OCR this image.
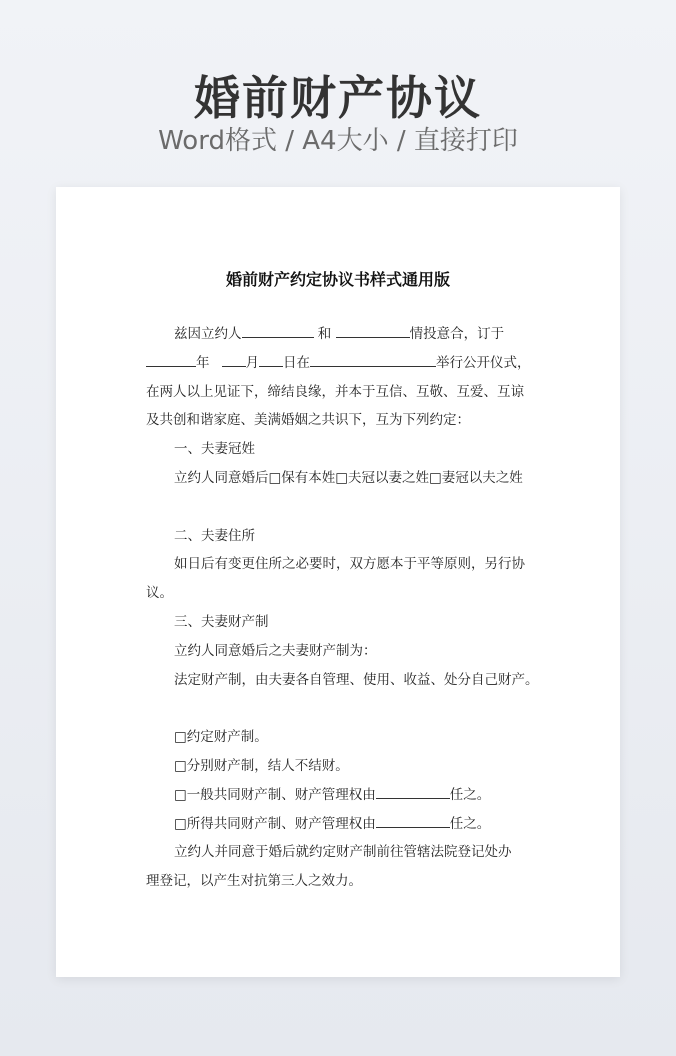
婚前财产协议
Word格式 / A4大小 / 直接打印
婚前财产约定协议书样式通用版
兹因立约人	和	情投意合，订于
年	月 日在	举行公开仪式，
在两人以上见证下，缔结良缘，并本于互信、互敬、互爱、互谅
及共创和谐家庭、美满婚姻之共识下，互为下列约定：
一、夫妻冠姓
立约人同意婚后□保有本姓□夫冠以妻之姓□妻冠以夫之姓
二、夫妻住所
如日后有变更住所之必要时，双方愿本于平等原则，另行协
议。
三、夫妻财产制
立约人同意婚后之夫妻财产制为：
法定财产制，由夫妻各自管理、使用、收益、处分自己财产。
□约定财产制。
□分别财产制，结人不结财。
□一般共同财产制、财产管理权由	任之。
□所得共同财产制、财产管理权由	任之。
立约人并同意于婚后就约定财产制前往管辖法院登记处办
理登记，以产生对抗第三人之效力。
